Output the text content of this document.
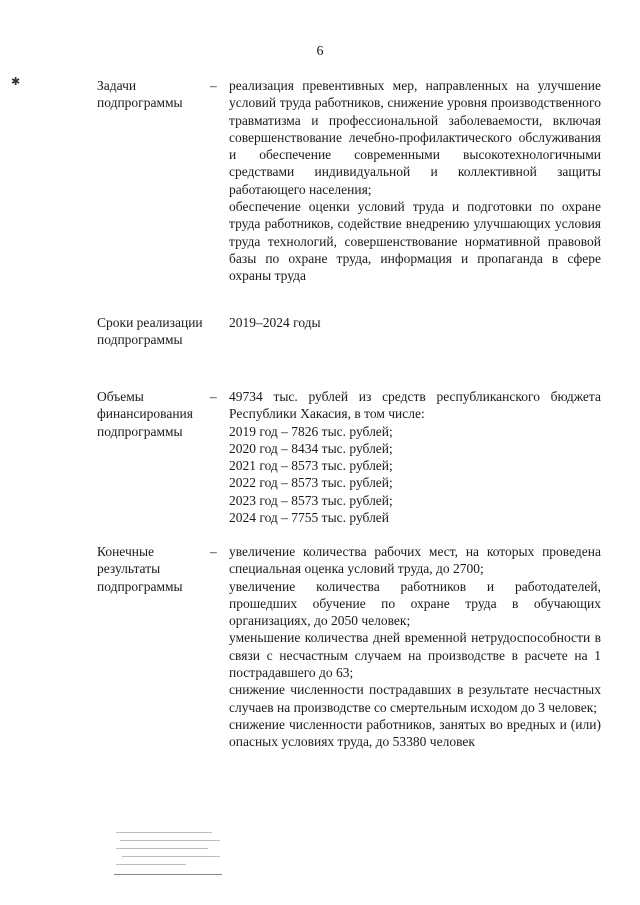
6
✱	Задачи подпрограммы
– реализация превентивных мер, направленных на улучшение условий труда работников, снижение уровня производственного травматизма и профессиональной заболеваемости, включая совершенствование лечебно-профилактического обслуживания и обеспечение современными высокотехнологичными средствами индивидуальной и коллективной защиты работающего населения;
обеспечение оценки условий труда и подготовки по охране труда работников, содействие внедрению улучшающих условия труда технологий, совершенствование нормативной правовой базы по охране труда, информация и пропаганда в сфере охраны труда
Сроки реализации подпрограммы
2019–2024 годы
Объемы финансирования подпрограммы
– 49734 тыс. рублей из средств республиканского бюджета Республики Хакасия, в том числе:
2019 год – 7826 тыс. рублей;
2020 год – 8434 тыс. рублей;
2021 год – 8573 тыс. рублей;
2022 год – 8573 тыс. рублей;
2023 год – 8573 тыс. рублей;
2024 год – 7755 тыс. рублей
Конечные результаты подпрограммы
– увеличение количества рабочих мест, на которых проведена специальная оценка условий труда, до 2700;
увеличение количества работников и работодателей, прошедших обучение по охране труда в обучающих организациях, до 2050 человек;
уменьшение количества дней временной нетрудоспособности в связи с несчастным случаем на производстве в расчете на 1 пострадавшего до 63;
снижение численности пострадавших в результате несчастных случаев на производстве со смертельным исходом до 3 человек;
снижение численности работников, занятых во вредных и (или) опасных условиях труда, до 53380 человек
